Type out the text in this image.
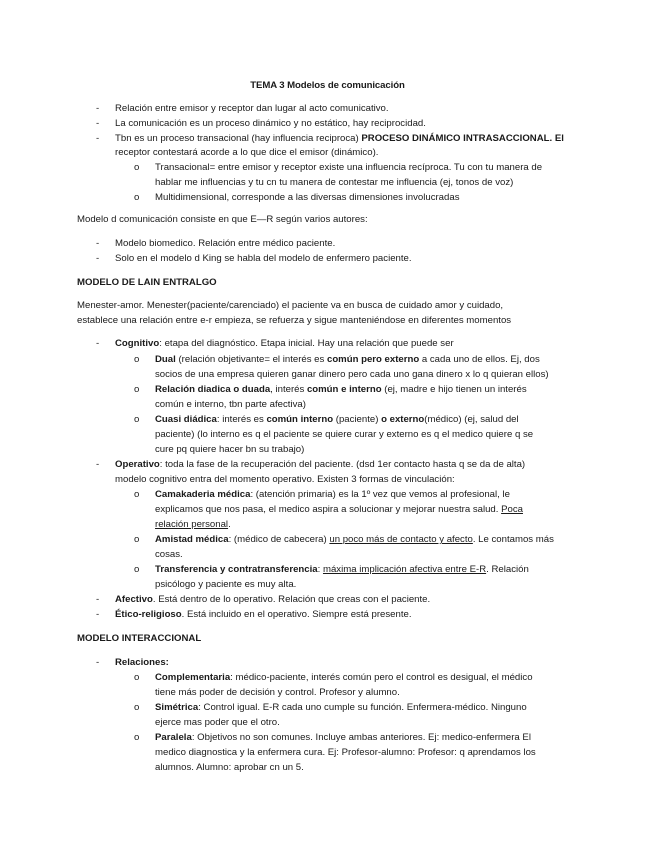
TEMA 3 Modelos de comunicación
- Relación entre emisor y receptor dan lugar al acto comunicativo.
- La comunicación es un proceso dinámico y no estático, hay reciprocidad.
- Tbn es un proceso transacional (hay influencia reciproca) PROCESO DINÁMICO INTRASACCIONAL. El
receptor contestará acorde a lo que dice el emisor (dinámico).
o Transacional= entre emisor y receptor existe una influencia recíproca. Tu con tu manera de
hablar me influencias y tu cn tu manera de contestar me influencia (ej, tonos de voz)
o Multidimensional, corresponde a las diversas dimensiones involucradas
Modelo d comunicación consiste en que E—R según varios autores:
- Modelo biomedico. Relación entre médico paciente.
- Solo en el modelo d King se habla del modelo de enfermero paciente.
MODELO DE LAIN ENTRALGO
Menester-amor. Menester(paciente/carenciado) el paciente va en busca de cuidado amor y cuidado,
establece una relación entre e-r empieza, se refuerza y sigue manteniéndose en diferentes momentos
- Cognitivo: etapa del diagnóstico. Etapa inicial. Hay una relación que puede ser
o Dual (relación objetivante= el interés es común pero externo a cada uno de ellos. Ej, dos
socios de una empresa quieren ganar dinero pero cada uno gana dinero x lo q quieran ellos)
o Relación diadica o duada, interés común e interno (ej, madre e hijo tienen un interés
común e interno, tbn parte afectiva)
o Cuasi diádica: interés es común interno (paciente) o externo(médico) (ej, salud del
paciente) (lo interno es q el paciente se quiere curar y externo es q el medico quiere q se
cure pq quiere hacer bn su trabajo)
- Operativo: toda la fase de la recuperación del paciente. (dsd 1er contacto hasta q se da de alta)
modelo cognitivo entra del momento operativo. Existen 3 formas de vinculación:
o Camakaderia médica: (atención primaria) es la 1º vez que vemos al profesional, le
explicamos que nos pasa, el medico aspira a solucionar y mejorar nuestra salud. Poca
relación personal.
o Amistad médica: (médico de cabecera) un poco más de contacto y afecto. Le contamos más
cosas.
o Transferencia y contratransferencia: máxima implicación afectiva entre E-R. Relación
psicólogo y paciente es muy alta.
- Afectivo. Está dentro de lo operativo. Relación que creas con el paciente.
- Ético-religioso. Está incluido en el operativo. Siempre está presente.
MODELO INTERACCIONAL
- Relaciones:
o Complementaria: médico-paciente, interés común pero el control es desigual, el médico
tiene más poder de decisión y control. Profesor y alumno.
o Simétrica: Control igual. E-R cada uno cumple su función. Enfermera-médico. Ninguno
ejerce mas poder que el otro.
o Paralela: Objetivos no son comunes. Incluye ambas anteriores. Ej: medico-enfermera El
medico diagnostica y la enfermera cura. Ej: Profesor-alumno: Profesor: q aprendamos los
alumnos. Alumno: aprobar cn un 5.
